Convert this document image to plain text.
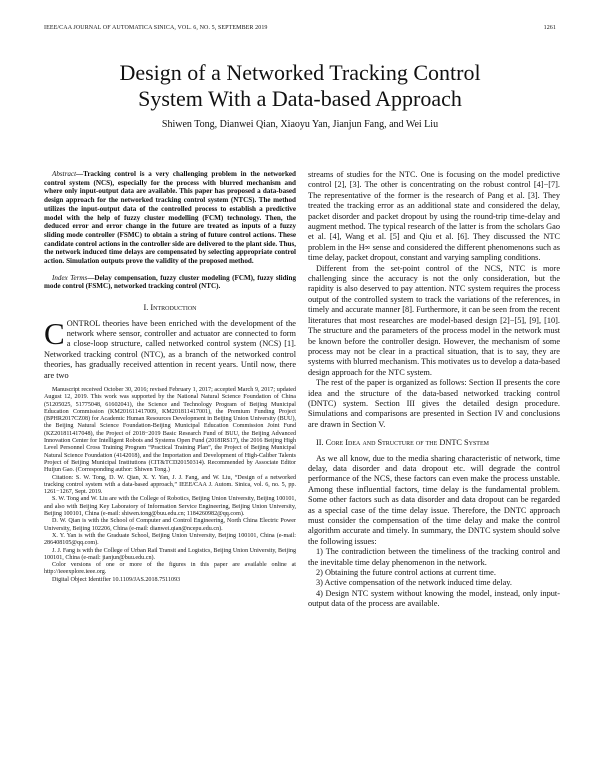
IEEE/CAA JOURNAL OF AUTOMATICA SINICA, VOL. 6, NO. 5, SEPTEMBER 2019	1261
Design of a Networked Tracking Control
System With a Data-based Approach
Shiwen Tong, Dianwei Qian, Xiaoyu Yan, Jianjun Fang, and Wei Liu

Abstract—Tracking control is a very challenging problem in the networked control system (NCS), especially for the process with blurred mechanism and where only input-output data are available. This paper has proposed a data-based design approach for the networked tracking control system (NTCS). The method utilizes the input-output data of the controlled process to establish a predictive model with the help of fuzzy cluster modelling (FCM) technology. Then, the deduced error and error change in the future are treated as inputs of a fuzzy sliding mode controller (FSMC) to obtain a string of future control actions. These candidate control actions in the controller side are delivered to the plant side. Thus, the network induced time delays are compensated by selecting appropriate control action. Simulation outputs prove the validity of the proposed method.

Index Terms—Delay compensation, fuzzy cluster modeling (FCM), fuzzy sliding mode control (FSMC), networked tracking control (NTC).

I. Introduction

CONTROL theories have been enriched with the development of the network where sensor, controller and actuator are connected to form a close-loop structure, called networked control system (NCS) [1]. Networked tracking control (NTC), as a branch of the networked control theories, has gradually received attention in recent years. Until now, there are two

Manuscript received October 30, 2016; revised February 1, 2017; accepted March 9, 2017; updated August 12, 2019. This work was supported by the National Natural Science Foundation of China (51205025, 51775048, 61602041), the Science and Technology Program of Beijing Municipal Education Commission (KM201611417009, KM201811417001), the Premium Funding Project (BPHR2017CZ08) for Academic Human Resources Development in Beijing Union University (BUU), the Beijing Natural Science Foundation-Beijing Municipal Education Commission Joint Fund (KZ201811417048), the Project of 2018−2019 Basic Research Fund of BUU, the Beijing Advanced Innovation Center for Intelligent Robots and Systems Open Fund (2018IRS17), the 2016 Beijing High Level Personnel Cross Training Program “Practical Training Plan”, the Project of Beijing Municipal Natural Science Foundation (4142018), and the Importation and Development of High-Caliber Talents Project of Beijing Municipal Institutions (CIT&TCD20150314). Recommended by Associate Editor Huijun Gao. (Corresponding author: Shiwen Tong.)

Citation: S. W. Tong, D. W. Qian, X. Y. Yan, J. J. Fang, and W. Liu, “Design of a networked tracking control system with a data-based approach,” IEEE/CAA J. Autom. Sinica, vol. 6, no. 5, pp. 1261−1267, Sept. 2019.

S. W. Tong and W. Liu are with the College of Robotics, Beijing Union University, Beijing 100101, and also with Beijing Key Laboratory of Information Service Engineering, Beijing Union University, Beijing 100101, China (e-mail: shiwen.tong@buu.edu.cn; 1184260982@qq.com).

D. W. Qian is with the School of Computer and Control Engineering, North China Electric Power University, Beijing 102206, China (e-mail: dianwei.qian@ncepu.edu.cn).

X. Y. Yan is with the Graduate School, Beijing Union University, Beijing 100101, China (e-mail: 286408105@qq.com).

J. J. Fang is with the College of Urban Rail Transit and Logistics, Beijing Union University, Beijing 100101, China (e-mail: jianjun@buu.edu.cn).

Color versions of one or more of the figures in this paper are available online at http://ieeexplore.ieee.org.

Digital Object Identifier 10.1109/JAS.2018.7511093

streams of studies for the NTC. One is focusing on the model predictive control [2], [3]. The other is concentrating on the robust control [4]−[7]. The representative of the former is the research of Pang et al. [3]. They treated the tracking error as an additional state and considered the delay, packet disorder and packet dropout by using the round-trip time-delay and augment method. The typical research of the latter is from the scholars Gao et al. [4], Wang et al. [5] and Qiu et al. [6]. They discussed the NTC problem in the H∞ sense and considered the different phenomenons such as time delay, packet dropout, constant and varying sampling conditions.

Different from the set-point control of the NCS, NTC is more challenging since the accuracy is not the only consideration, but the rapidity is also deserved to pay attention. NTC system requires the process output of the controlled system to track the variations of the references, in timely and accurate manner [8]. Furthermore, it can be seen from the recent literatures that most researches are model-based design [2]−[5], [9], [10]. The structure and the parameters of the process model in the network must be known before the controller design. However, the mechanism of some process may not be clear in a practical situation, that is to say, they are systems with blurred mechanism. This motivates us to develop a data-based design approach for the NTC system.

The rest of the paper is organized as follows: Section II presents the core idea and the structure of the data-based networked tracking control (DNTC) system. Section III gives the detailed design procedure. Simulations and comparisons are presented in Section IV and conclusions are drawn in Section V.

II. Core Idea and Structure of the DNTC System

As we all know, due to the media sharing characteristic of network, time delay, data disorder and data dropout etc. will degrade the control performance of the NCS, these factors can even make the process unstable. Among these influential factors, time delay is the fundamental problem. Some other factors such as data disorder and data dropout can be regarded as a special case of the time delay issue. Therefore, the DNTC approach must consider the compensation of the time delay and make the control algorithm accurate and timely. In summary, the DNTC system should solve the following issues:

1) The contradiction between the timeliness of the tracking control and the inevitable time delay phenomenon in the network.

2) Obtaining the future control actions at current time.

3) Active compensation of the network induced time delay.

4) Design NTC system without knowing the model, instead, only input-output data of the process are available.
